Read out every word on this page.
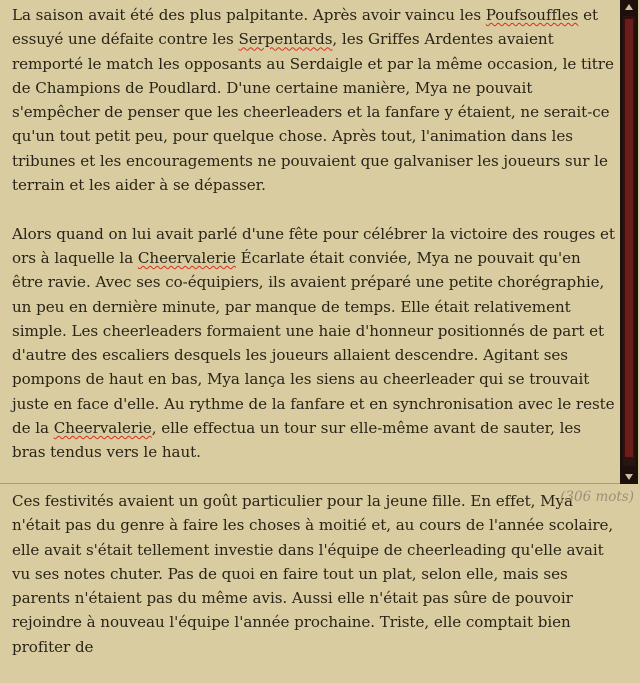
La saison avait été des plus palpitante. Après avoir vaincu les Poufsouffles et essuyé une défaite contre les Serpentards, les Griffes Ardentes avaient remporté le match les opposants au Serdaigle et par la même occasion, le titre de Champions de Poudlard. D'une certaine manière, Mya ne pouvait s'empêcher de penser que les cheerleaders et la fanfare y étaient, ne serait-ce qu'un tout petit peu, pour quelque chose. Après tout, l'animation dans les tribunes et les encouragements ne pouvaient que galvaniser les joueurs sur le terrain et les aider à se dépasser.

Alors quand on lui avait parlé d'une fête pour célébrer la victoire des rouges et ors à laquelle la Cheervalerie Écarlate était conviée, Mya ne pouvait qu'en être ravie. Avec ses co-équipiers, ils avaient préparé une petite chorégraphie, un peu en dernière minute, par manque de temps. Elle était relativement simple. Les cheerleaders formaient une haie d'honneur positionnés de part et d'autre des escaliers desquels les joueurs allaient descendre. Agitant ses pompons de haut en bas, Mya lança les siens au cheerleader qui se trouvait juste en face d'elle. Au rythme de la fanfare et en synchronisation avec le reste de la Cheervalerie, elle effectua un tour sur elle-même avant de sauter, les bras tendus vers le haut.

Ces festivités avaient un goût particulier pour la jeune fille. En effet, Mya n'était pas du genre à faire les choses à moitié et, au cours de l'année scolaire, elle avait s'était tellement investie dans l'équipe de cheerleading qu'elle avait vu ses notes chuter. Pas de quoi en faire tout un plat, selon elle, mais ses parents n'étaient pas du même avis. Aussi elle n'était pas sûre de pouvoir rejoindre à nouveau l'équipe l'année prochaine. Triste, elle comptait bien profiter de

(306 mots)
